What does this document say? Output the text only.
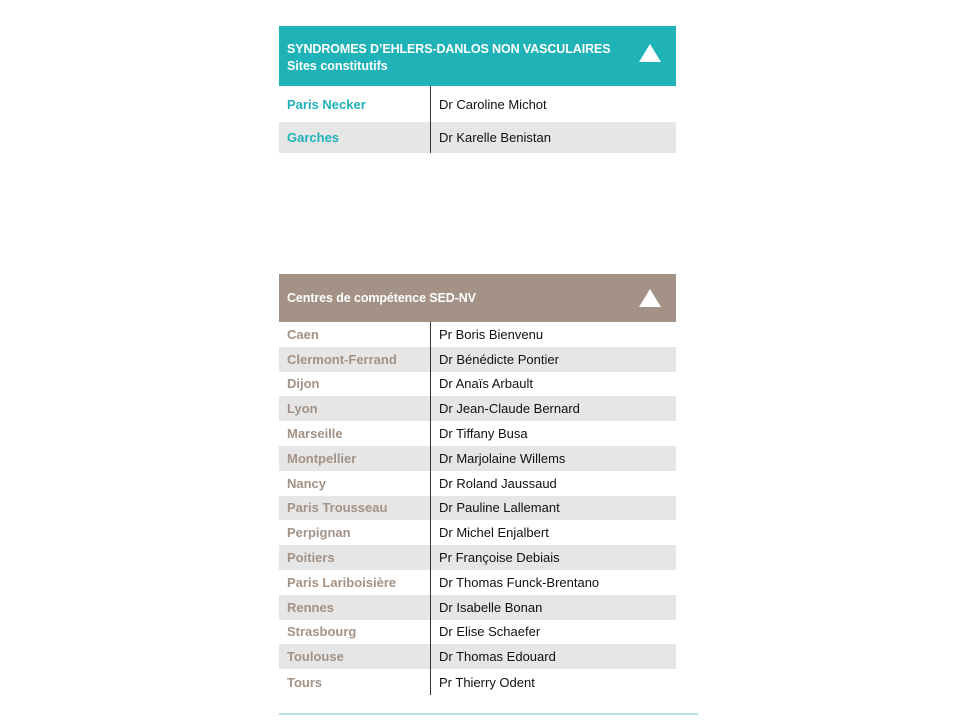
SYNDROMES D’EHLERS-DANLOS NON VASCULAIRES
Sites constitutifs
Paris Necker	Dr Caroline Michot
Garches	Dr Karelle Benistan
Centres de compétence SED-NV
Caen	Pr Boris Bienvenu
Clermont-Ferrand	Dr Bénédicte Pontier
Dijon	Dr Anaïs Arbault
Lyon	Dr Jean-Claude Bernard
Marseille	Dr Tiffany Busa
Montpellier	Dr Marjolaine Willems
Nancy	Dr Roland Jaussaud
Paris Trousseau	Dr Pauline Lallemant
Perpignan	Dr Michel Enjalbert
Poitiers	Pr Françoise Debiais
Paris Lariboisière	Dr Thomas Funck-Brentano
Rennes	Dr Isabelle Bonan
Strasbourg	Dr Elise Schaefer
Toulouse	Dr Thomas Edouard
Tours	Pr Thierry Odent
